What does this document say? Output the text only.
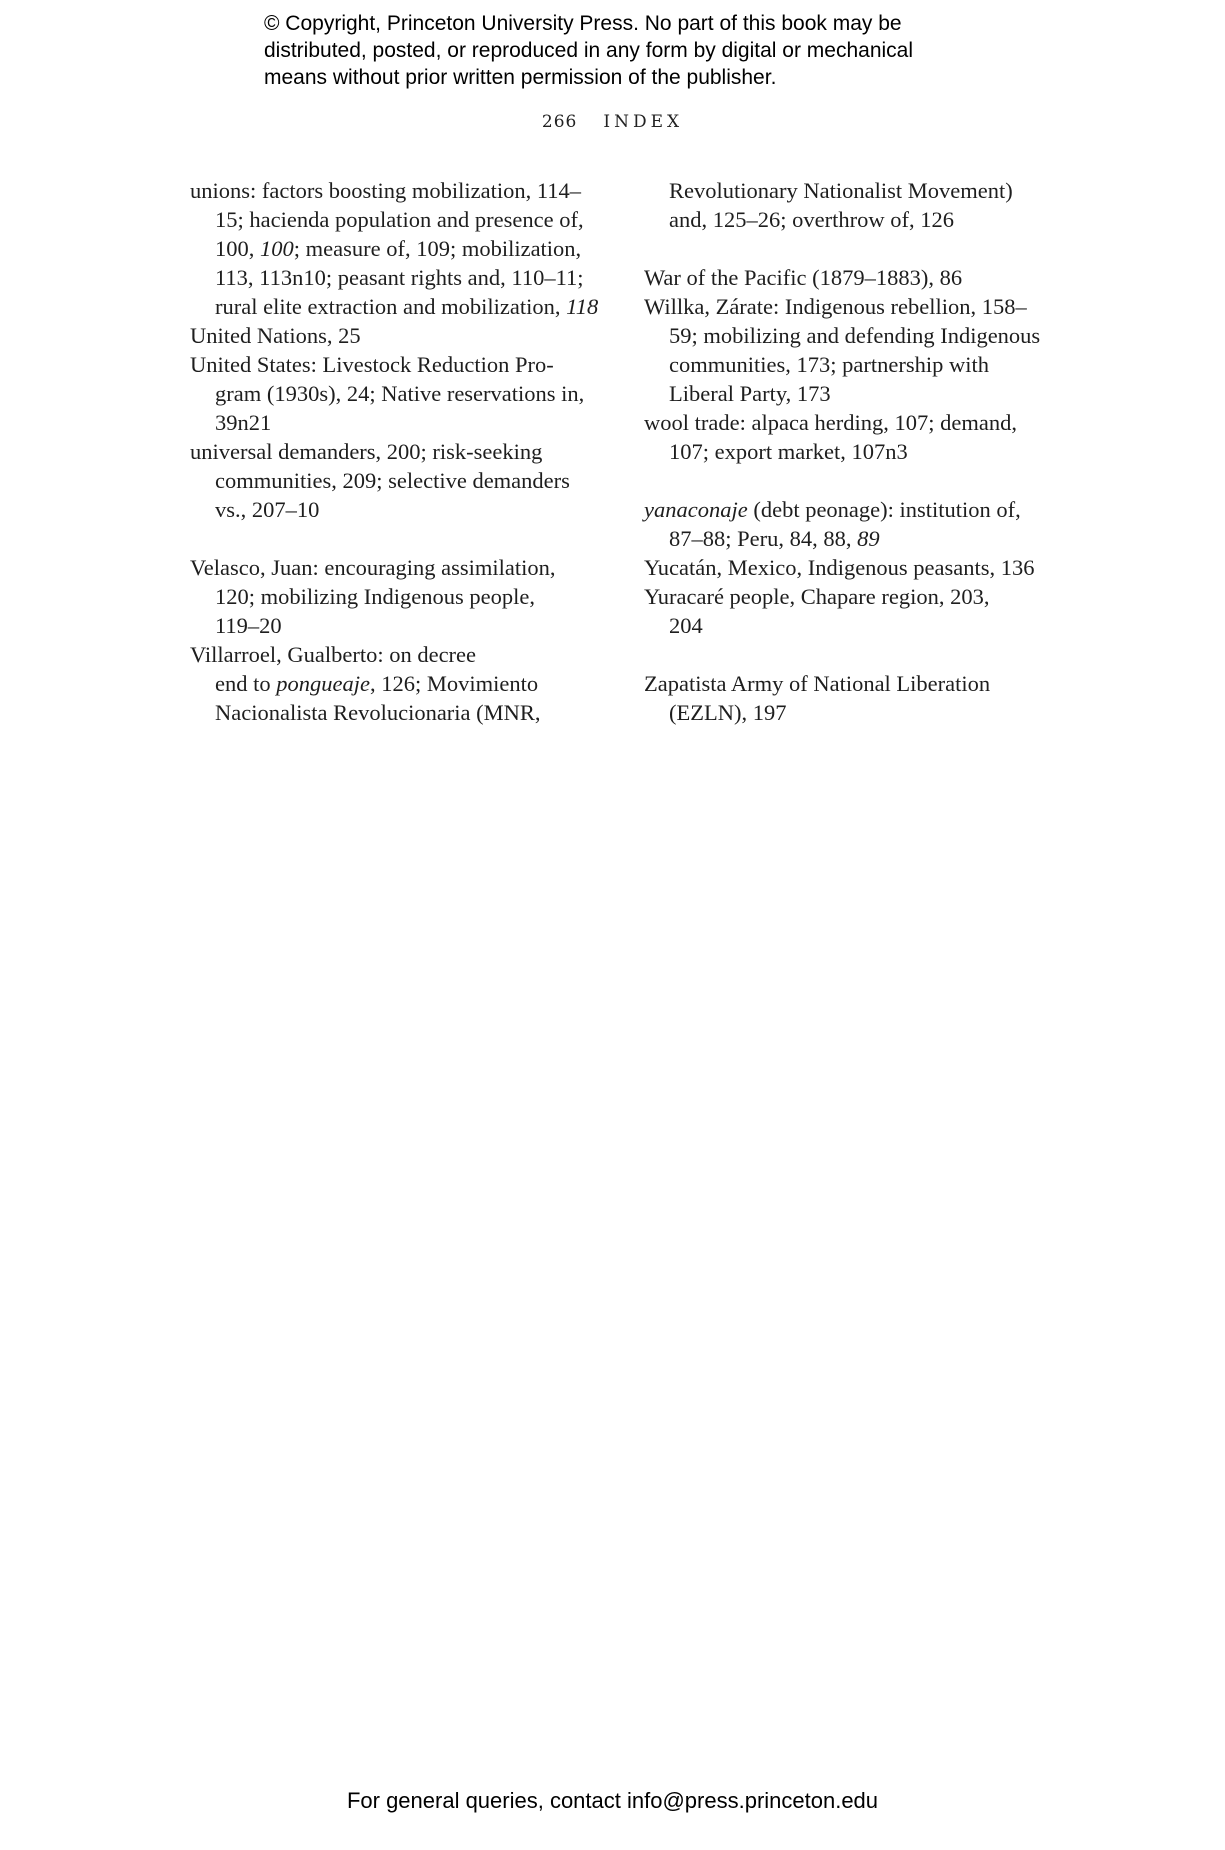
© Copyright, Princeton University Press. No part of this book may be
distributed, posted, or reproduced in any form by digital or mechanical
means without prior written permission of the publisher.
266 INDEX
unions: factors boosting mobilization, 114–
15; hacienda population and presence of,
100, 100; measure of, 109; mobilization,
113, 113n10; peasant rights and, 110–11;
rural elite extraction and mobilization, 118
United Nations, 25
United States: Livestock Reduction Pro-
gram (1930s), 24; Native reservations in,
39n21
universal demanders, 200; risk-seeking
communities, 209; selective demanders
vs., 207–10
Velasco, Juan: encouraging assimilation,
120; mobilizing Indigenous people,
119–20
Villarroel, Gualberto: on decree
end to pongueaje, 126; Movimiento
Nacionalista Revolucionaria (MNR,
Revolutionary Nationalist Movement)
and, 125–26; overthrow of, 126
War of the Pacific (1879–1883), 86
Willka, Zárate: Indigenous rebellion, 158–
59; mobilizing and defending Indigenous
communities, 173; partnership with
Liberal Party, 173
wool trade: alpaca herding, 107; demand,
107; export market, 107n3
yanaconaje (debt peonage): institution of,
87–88; Peru, 84, 88, 89
Yucatán, Mexico, Indigenous peasants, 136
Yuracaré people, Chapare region, 203,
204
Zapatista Army of National Liberation
(EZLN), 197
For general queries, contact info@press.princeton.edu
